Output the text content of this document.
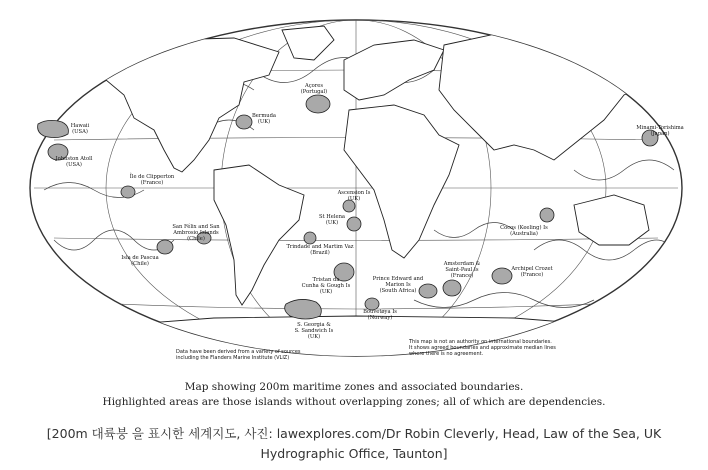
Hawaii (USA)
Johnston Atoll (USA)
Île de Clipperton (France)
San Félix and San Ambrosio Islands (Chile)
Isla de Pascua (Chile)
Açores (Portugal)
Bermuda (UK)
Ascension Is (UK)
St Helena (UK)
Trindade and Martim Vaz (Brazil)
Tristan da Cunha & Gough Is (UK)
S. Georgia & S. Sandwich Is (UK)
Bouvetøya Is (Norway)
Prince Edward and Marion Is (South Africa)
Amsterdam & Saint-Paul Is (France)
Archipel Crozet (France)
Cocos (Keeling) Is (Australia)
Minami-Torishima (Japan)
Data have been derived from a variety of sources including the Flanders Marine Institute (VLIZ)
This map is not an authority on international boundaries. It shows agreed boundaries and approximate median lines where there is no agreement.
Map showing 200m maritime zones and associated boundaries.
Highlighted areas are those islands without overlapping zones; all of which are dependencies.
[200m 대륙붕 을 표시한 세계지도, 사진: lawexplores.com/Dr Robin Cleverly, Head, Law of the Sea, UK Hydrographic Office, Taunton]
